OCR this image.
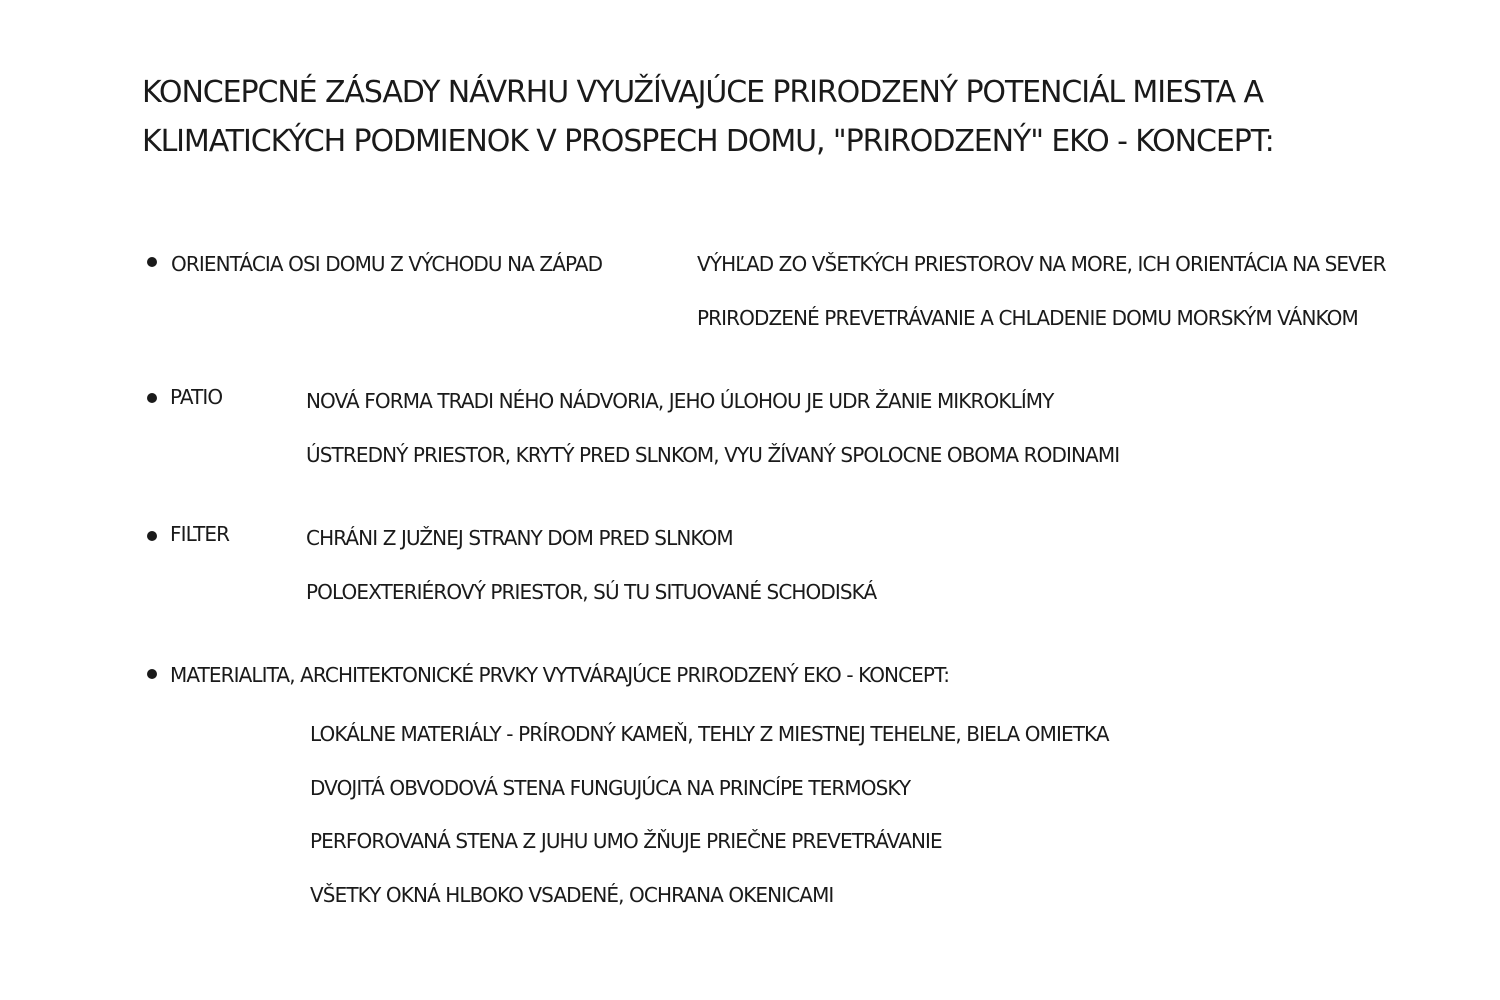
KONCEPCNÉ ZÁSADY NÁVRHU VYUŽÍVAJÚCE PRIRODZENÝ POTENCIÁL MIESTA A
KLIMATICKÝCH PODMIENOK V PROSPECH DOMU, "PRIRODZENÝ" EKO - KONCEPT:
ORIENTÁCIA OSI DOMU Z VÝCHODU NA ZÁPAD	VÝHĽAD ZO VŠETKÝCH PRIESTOROV NA MORE, ICH ORIENTÁCIA NA SEVER
PRIRODZENÉ PREVETRÁVANIE A CHLADENIE DOMU MORSKÝM VÁNKOM
PATIO	NOVÁ FORMA TRADI NÉHO NÁDVORIA, JEHO ÚLOHOU JE UDR ŽANIE MIKROKLÍMY
ÚSTREDNÝ PRIESTOR, KRYTÝ PRED SLNKOM, VYU ŽÍVANÝ SPOLOCNE OBOMA RODINAMI
FILTER	CHRÁNI Z JUŽNEJ STRANY DOM PRED SLNKOM
POLOEXTERIÉROVÝ PRIESTOR, SÚ TU SITUOVANÉ SCHODISKÁ
MATERIALITA, ARCHITEKTONICKÉ PRVKY VYTVÁRAJÚCE PRIRODZENÝ EKO - KONCEPT:
LOKÁLNE MATERIÁLY - PRÍRODNÝ KAMEŇ, TEHLY Z MIESTNEJ TEHELNE, BIELA OMIETKA
DVOJITÁ OBVODOVÁ STENA FUNGUJÚCA NA PRINCÍPE TERMOSKY
PERFOROVANÁ STENA Z JUHU UMO ŽŇUJE PRIEČNE PREVETRÁVANIE
VŠETKY OKNÁ HLBOKO VSADENÉ, OCHRANA OKENICAMI
